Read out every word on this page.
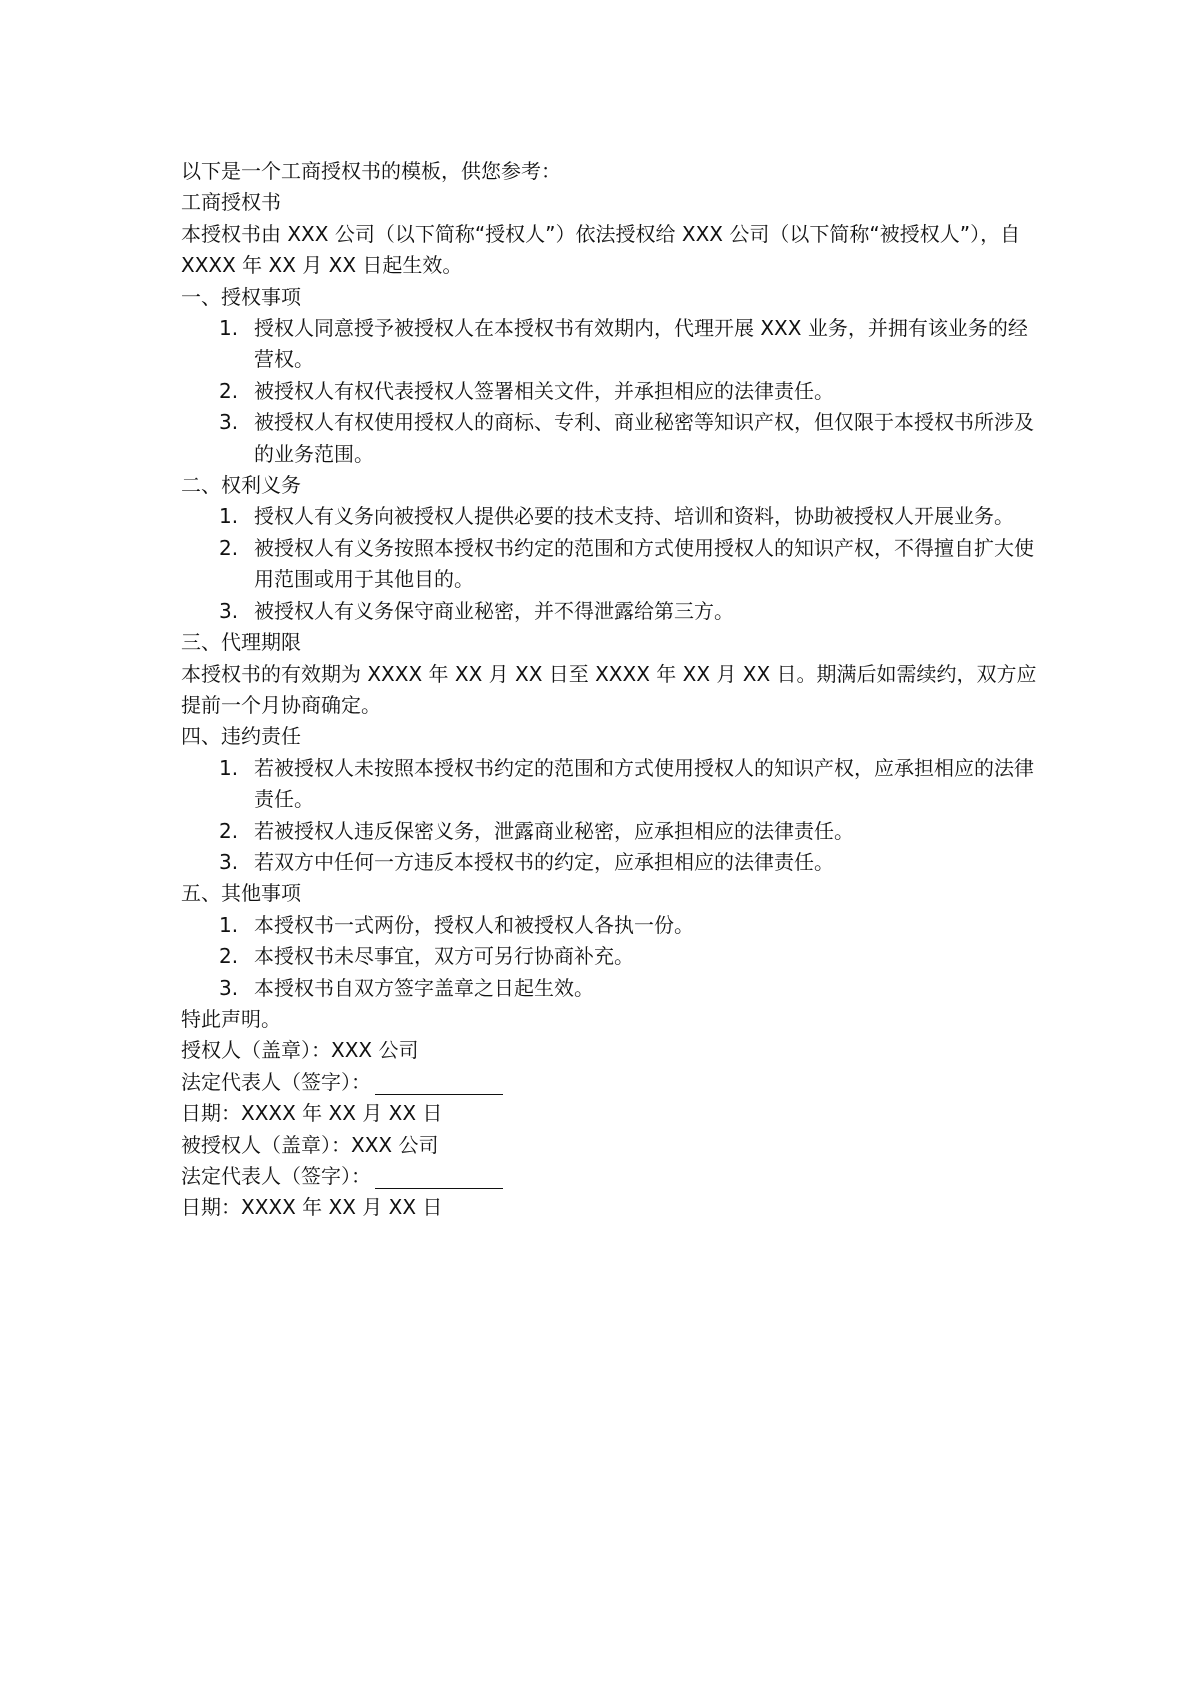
以下是一个工商授权书的模板，供您参考：

工商授权书

本授权书由 XXX 公司（以下简称“授权人”）依法授权给 XXX 公司（以下简称“被授权人”），自 XXXX 年 XX 月 XX 日起生效。

一、授权事项

1. 授权人同意授予被授权人在本授权书有效期内，代理开展 XXX 业务，并拥有该业务的经营权。
2. 被授权人有权代表授权人签署相关文件，并承担相应的法律责任。
3. 被授权人有权使用授权人的商标、专利、商业秘密等知识产权，但仅限于本授权书所涉及的业务范围。

二、权利义务

1. 授权人有义务向被授权人提供必要的技术支持、培训和资料，协助被授权人开展业务。
2. 被授权人有义务按照本授权书约定的范围和方式使用授权人的知识产权，不得擅自扩大使用范围或用于其他目的。
3. 被授权人有义务保守商业秘密，并不得泄露给第三方。

三、代理期限

本授权书的有效期为 XXXX 年 XX 月 XX 日至 XXXX 年 XX 月 XX 日。期满后如需续约，双方应提前一个月协商确定。

四、违约责任

1. 若被授权人未按照本授权书约定的范围和方式使用授权人的知识产权，应承担相应的法律责任。
2. 若被授权人违反保密义务，泄露商业秘密，应承担相应的法律责任。
3. 若双方中任何一方违反本授权书的约定，应承担相应的法律责任。

五、其他事项

1. 本授权书一式两份，授权人和被授权人各执一份。
2. 本授权书未尽事宜，双方可另行协商补充。
3. 本授权书自双方签字盖章之日起生效。

特此声明。

授权人（盖章）：XXX 公司

法定代表人（签字）：

日期：XXXX 年 XX 月 XX 日

被授权人（盖章）：XXX 公司

法定代表人（签字）：

日期：XXXX 年 XX 月 XX 日
